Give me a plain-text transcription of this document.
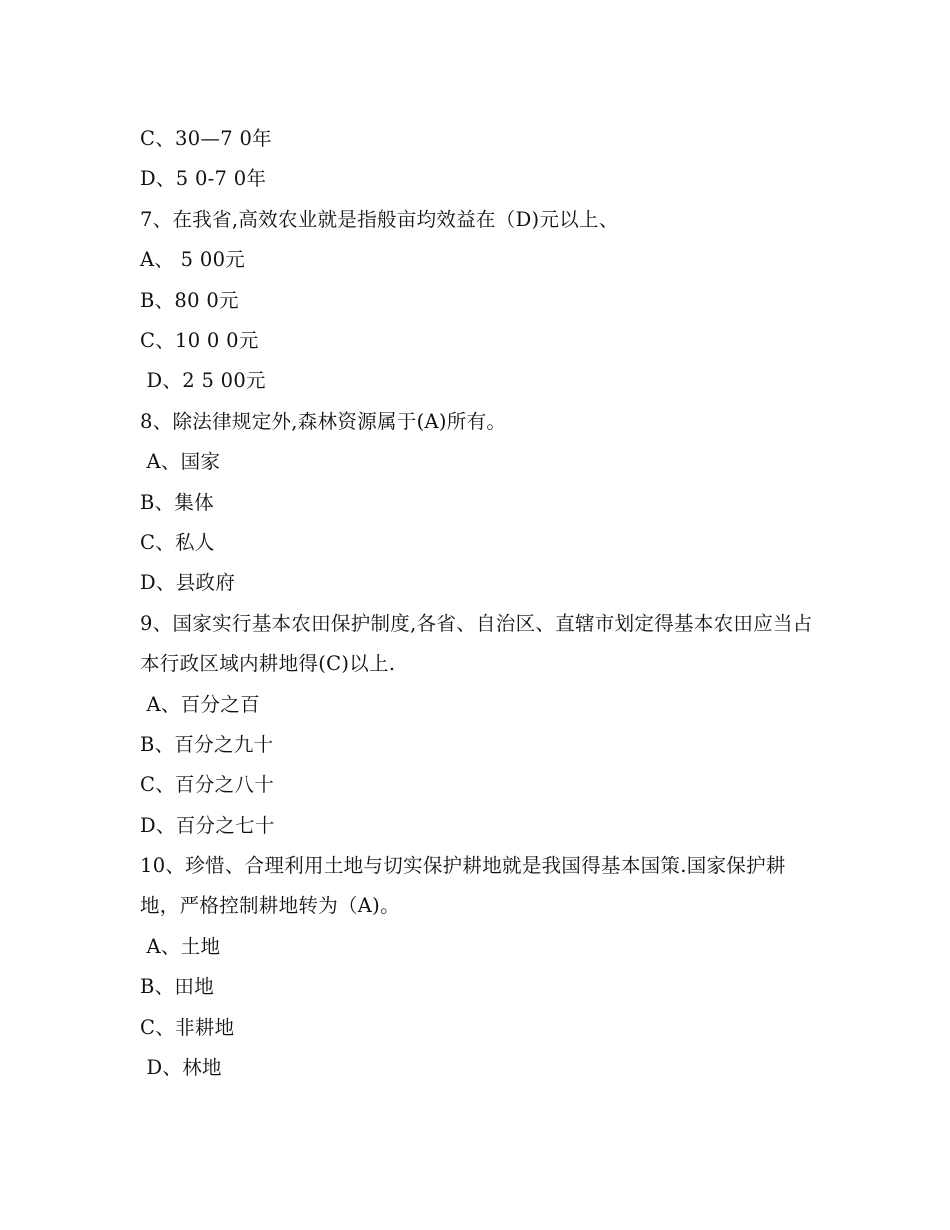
C、30—7 0年
D、5 0-7 0年
7、在我省,高效农业就是指般亩均效益在（D)元以上、
A、 5 00元
B、80 0元
C、10 0 0元
D、2 5 00元
8、除法律规定外,森林资源属于(A)所有。
A、国家
B、集体
C、私人
D、县政府
9、国家实行基本农田保护制度,各省、自治区、直辖市划定得基本农田应当占本行政区域内耕地得(C)以上.
A、百分之百
B、百分之九十
C、百分之八十
D、百分之七十
10、珍惜、合理利用土地与切实保护耕地就是我国得基本国策.国家保护耕地，严格控制耕地转为（A)。
A、土地
B、田地
C、非耕地
D、林地
